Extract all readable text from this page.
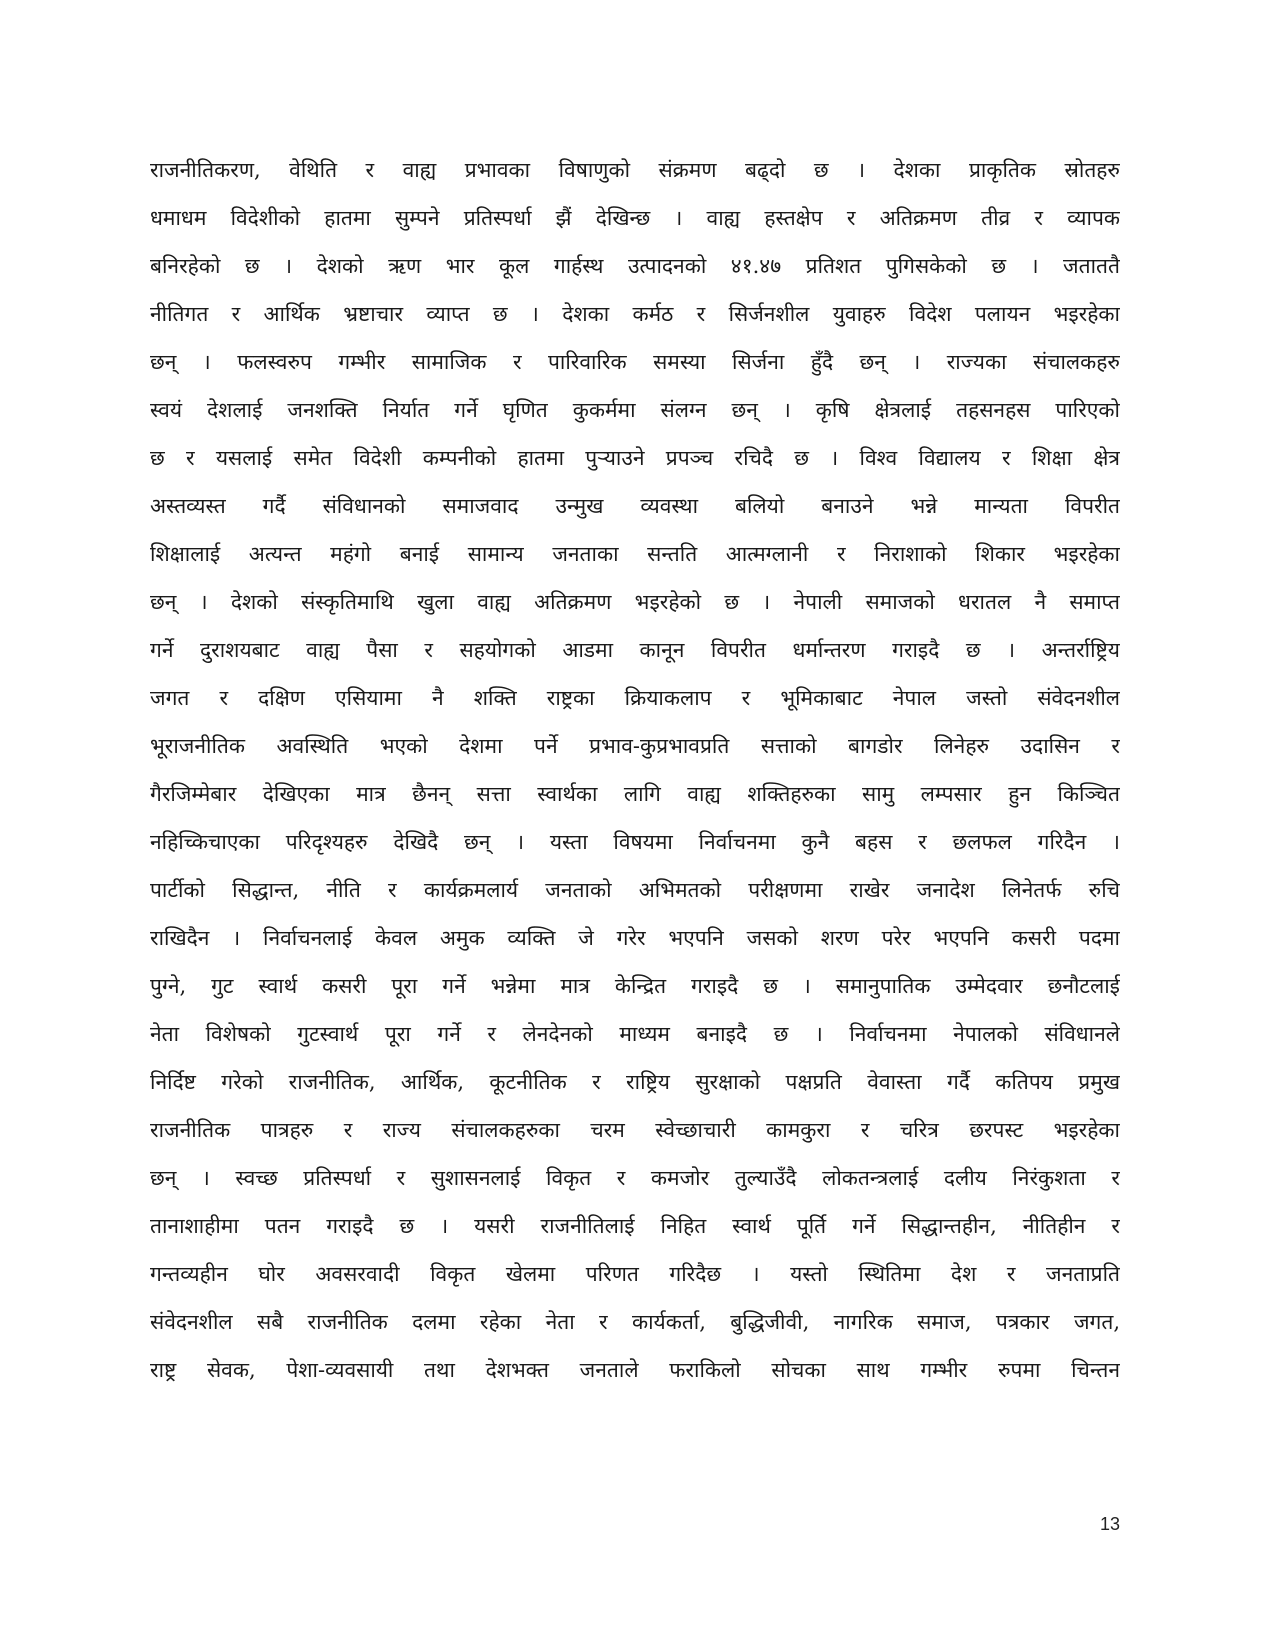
राजनीतिकरण, वेथिति र वाह्य प्रभावका विषाणुको संक्रमण बढ्दो छ । देशका प्राकृतिक स्रोतहरु
धमाधम विदेशीको हातमा सुम्पने प्रतिस्पर्धा झैं देखिन्छ । वाह्य हस्तक्षेप र अतिक्रमण तीव्र र व्यापक
बनिरहेको छ । देशको ऋण भार कूल गार्हस्थ उत्पादनको ४१.४७ प्रतिशत पुगिसकेको छ । जताततै
नीतिगत र आर्थिक भ्रष्टाचार व्याप्त छ । देशका कर्मठ र सिर्जनशील युवाहरु विदेश पलायन भइरहेका
छन् । फलस्वरुप गम्भीर सामाजिक र पारिवारिक समस्या सिर्जना हुँदै छन् । राज्यका संचालकहरु
स्वयं देशलाई जनशक्ति निर्यात गर्ने घृणित कुकर्ममा संलग्न छन् । कृषि क्षेत्रलाई तहसनहस पारिएको
छ र यसलाई समेत विदेशी कम्पनीको हातमा पुऱ्याउने प्रपञ्च रचिदै छ । विश्व विद्यालय र शिक्षा क्षेत्र
अस्तव्यस्त गर्दै संविधानको समाजवाद उन्मुख व्यवस्था बलियो बनाउने भन्ने मान्यता विपरीत
शिक्षालाई अत्यन्त महंगो बनाई सामान्य जनताका सन्तति आत्मग्लानी र निराशाको शिकार भइरहेका
छन् । देशको संस्कृतिमाथि खुला वाह्य अतिक्रमण भइरहेको छ । नेपाली समाजको धरातल नै समाप्त
गर्ने दुराशयबाट वाह्य पैसा र सहयोगको आडमा कानून विपरीत धर्मान्तरण गराइदै छ । अन्तर्राष्ट्रिय
जगत र दक्षिण एसियामा नै शक्ति राष्ट्रका क्रियाकलाप र भूमिकाबाट नेपाल जस्तो संवेदनशील
भूराजनीतिक अवस्थिति भएको देशमा पर्ने प्रभाव-कुप्रभावप्रति सत्ताको बागडोर लिनेहरु उदासिन र
गैरजिम्मेबार देखिएका मात्र छैनन् सत्ता स्वार्थका लागि वाह्य शक्तिहरुका सामु लम्पसार हुन किञ्चित
नहिच्किचाएका परिदृश्यहरु देखिदै छन् । यस्ता विषयमा निर्वाचनमा कुनै बहस र छलफल गरिदैन ।
पार्टीको सिद्धान्त, नीति र कार्यक्रमलार्य जनताको अभिमतको परीक्षणमा राखेर जनादेश लिनेतर्फ रुचि
राखिदैन । निर्वाचनलाई केवल अमुक व्यक्ति जे गरेर भएपनि जसको शरण परेर भएपनि कसरी पदमा
पुग्ने, गुट स्वार्थ कसरी पूरा गर्ने भन्नेमा मात्र केन्द्रित गराइदै छ । समानुपातिक उम्मेदवार छनौटलाई
नेता विशेषको गुटस्वार्थ पूरा गर्ने र लेनदेनको माध्यम बनाइदै छ । निर्वाचनमा नेपालको संविधानले
निर्दिष्ट गरेको राजनीतिक, आर्थिक, कूटनीतिक र राष्ट्रिय सुरक्षाको पक्षप्रति वेवास्ता गर्दै कतिपय प्रमुख
राजनीतिक पात्रहरु र राज्य संचालकहरुका चरम स्वेच्छाचारी कामकुरा र चरित्र छरपस्ट भइरहेका
छन् । स्वच्छ प्रतिस्पर्धा र सुशासनलाई विकृत र कमजोर तुल्याउँदै लोकतन्त्रलाई दलीय निरंकुशता र
तानाशाहीमा पतन गराइदै छ । यसरी राजनीतिलाई निहित स्वार्थ पूर्ति गर्ने सिद्धान्तहीन, नीतिहीन र
गन्तव्यहीन घोर अवसरवादी विकृत खेलमा परिणत गरिदैछ । यस्तो स्थितिमा देश र जनताप्रति
संवेदनशील सबै राजनीतिक दलमा रहेका नेता र कार्यकर्ता, बुद्धिजीवी, नागरिक समाज, पत्रकार जगत,
राष्ट्र सेवक, पेशा-व्यवसायी तथा देशभक्त जनताले फराकिलो सोचका साथ गम्भीर रुपमा चिन्तन
13
